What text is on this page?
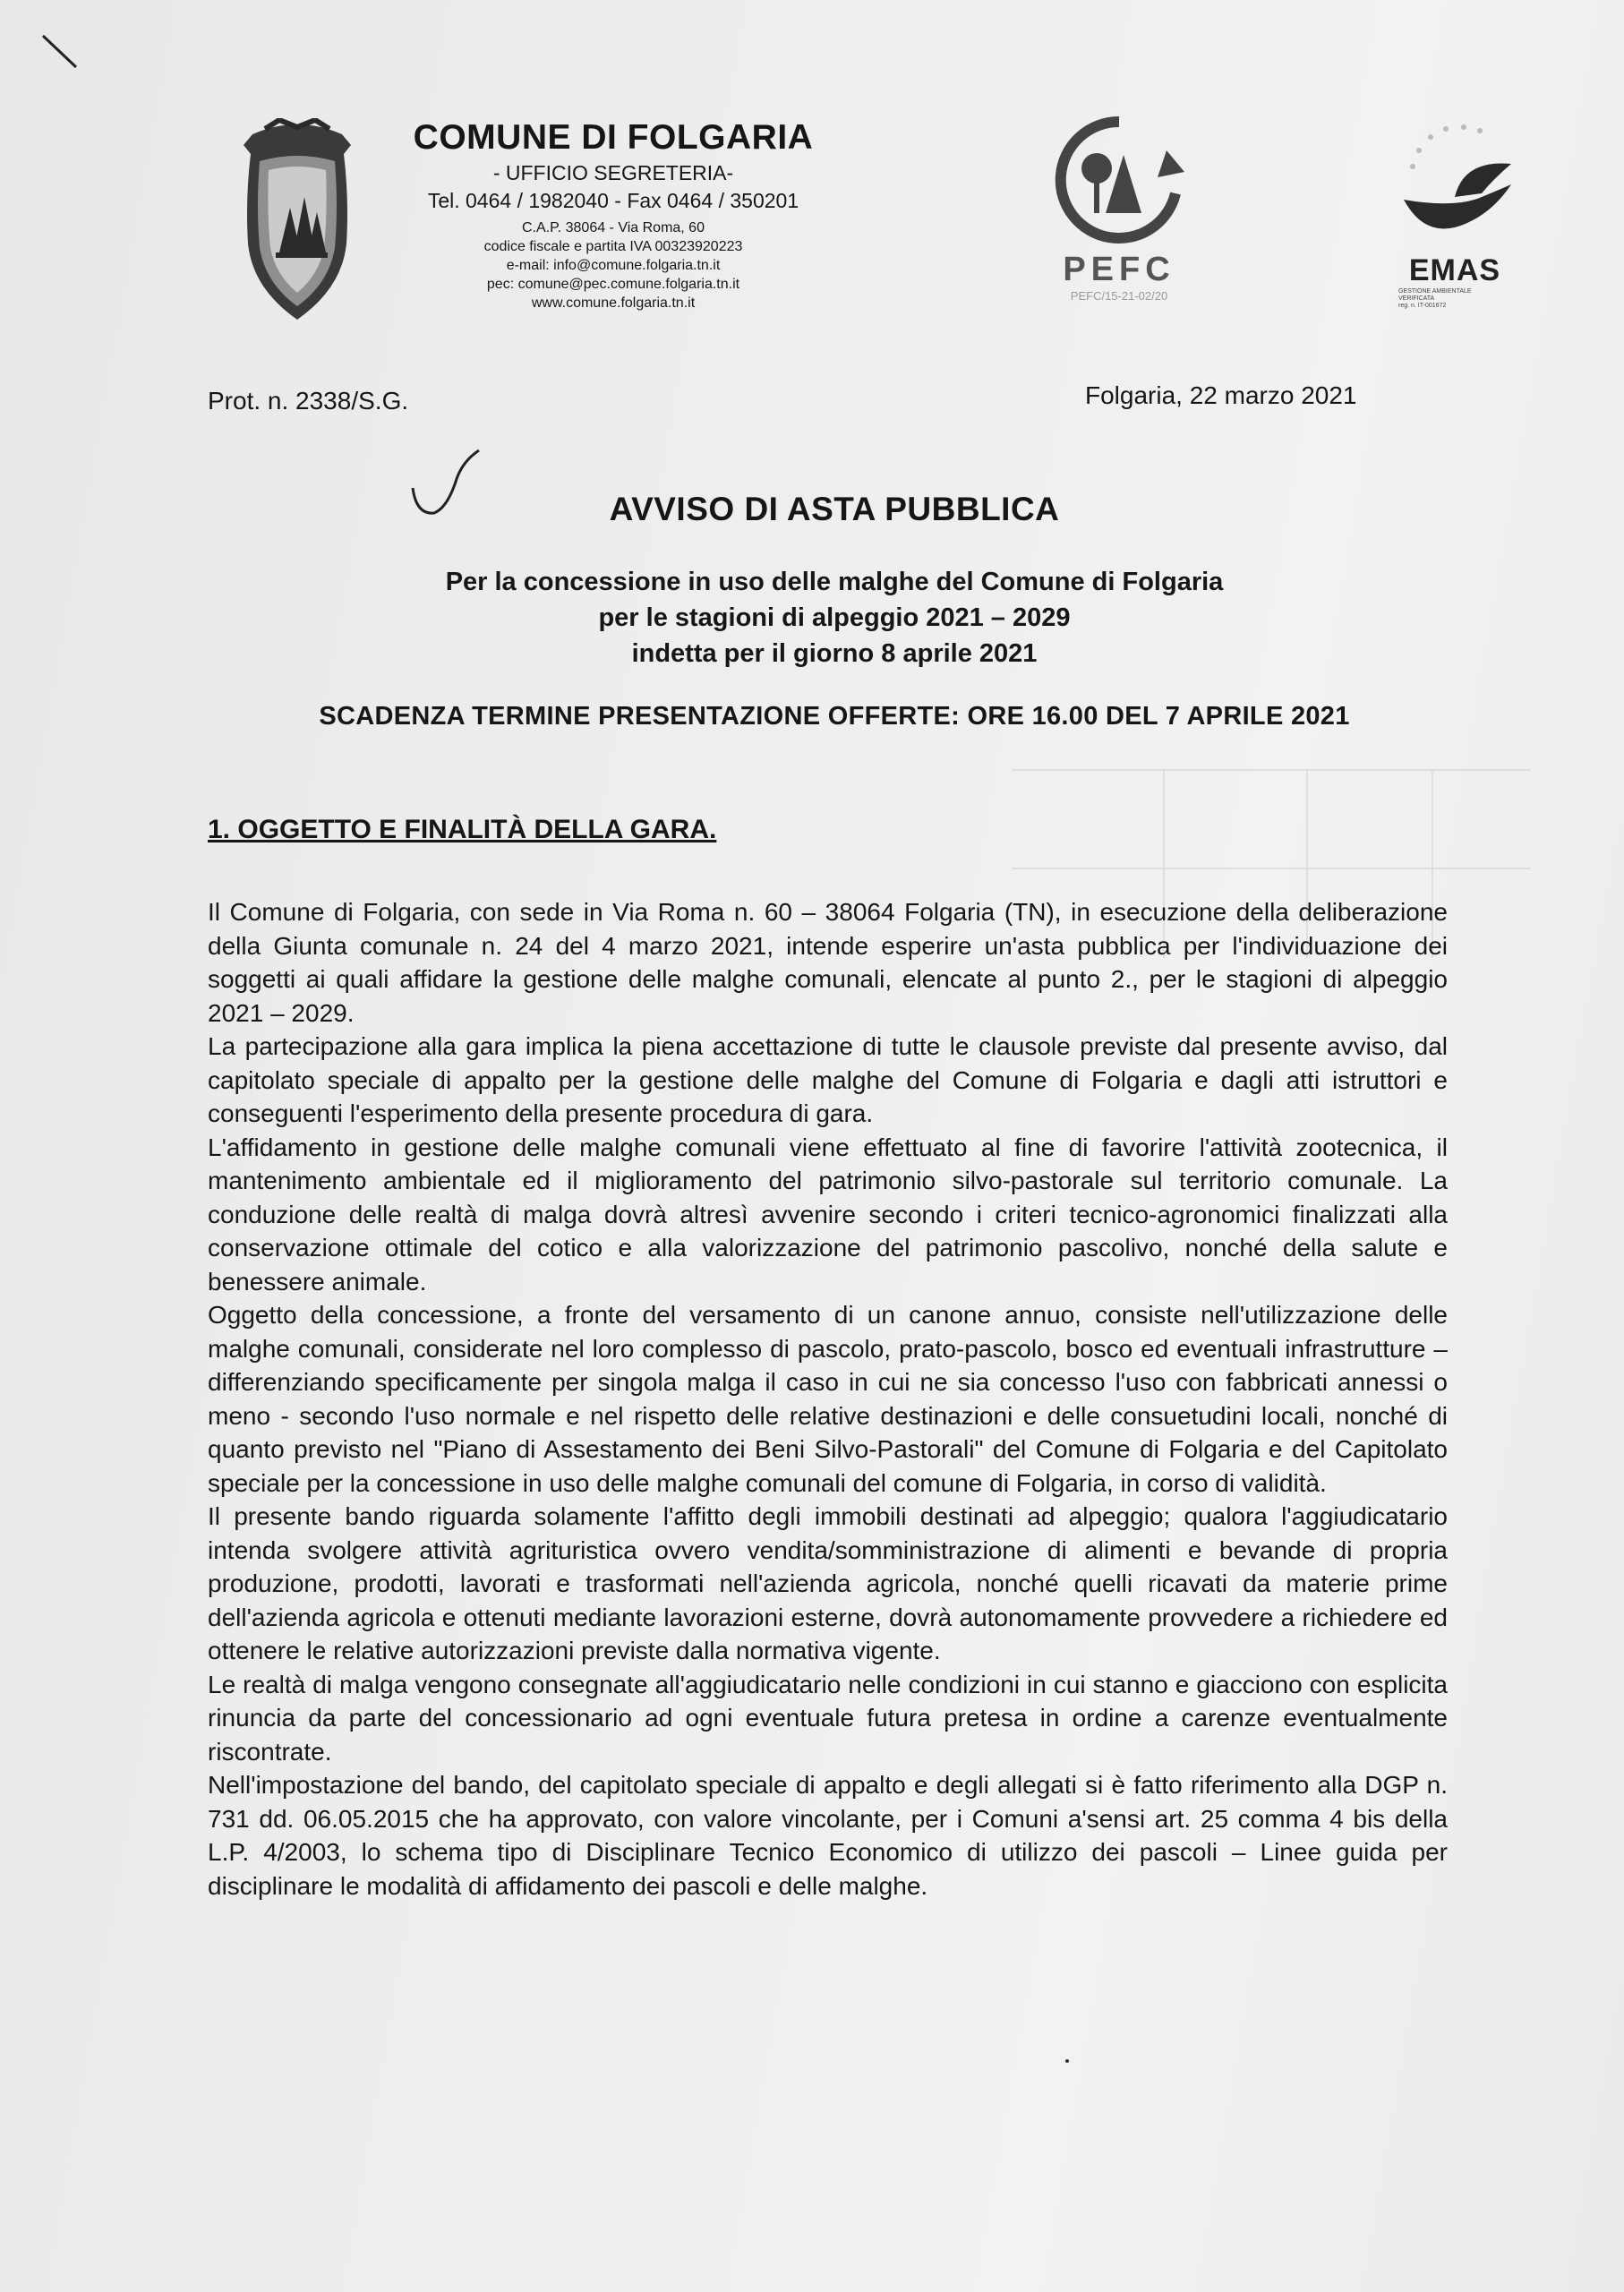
COMUNE DI FOLGARIA
- UFFICIO SEGRETERIA-
Tel. 0464 / 1982040 - Fax 0464 / 350201
C.A.P. 38064 - Via Roma, 60
codice fiscale e partita IVA 00323920223
e-mail: info@comune.folgaria.tn.it
pec: comune@pec.comune.folgaria.tn.it
www.comune.folgaria.tn.it
PEFC
PEFC/15-21-02/20
EMAS
GESTIONE AMBIENTALE
VERIFICATA
reg. n. IT-001672
Prot. n. 2338/S.G.	Folgaria, 22 marzo 2021
AVVISO DI ASTA PUBBLICA
Per la concessione in uso delle malghe del Comune di Folgaria
per le stagioni di alpeggio 2021 – 2029
indetta per il giorno 8 aprile 2021
SCADENZA TERMINE PRESENTAZIONE OFFERTE: ORE 16.00 DEL 7 APRILE 2021
1. OGGETTO E FINALITÀ DELLA GARA.

Il Comune di Folgaria, con sede in Via Roma n. 60 – 38064 Folgaria (TN), in esecuzione della deliberazione della Giunta comunale n. 24 del 4 marzo 2021, intende esperire un'asta pubblica per l'individuazione dei soggetti ai quali affidare la gestione delle malghe comunali, elencate al punto 2., per le stagioni di alpeggio 2021 – 2029.

La partecipazione alla gara implica la piena accettazione di tutte le clausole previste dal presente avviso, dal capitolato speciale di appalto per la gestione delle malghe del Comune di Folgaria e dagli atti istruttori e conseguenti l'esperimento della presente procedura di gara.

L'affidamento in gestione delle malghe comunali viene effettuato al fine di favorire l'attività zootecnica, il mantenimento ambientale ed il miglioramento del patrimonio silvo-pastorale sul territorio comunale. La conduzione delle realtà di malga dovrà altresì avvenire secondo i criteri tecnico-agronomici finalizzati alla conservazione ottimale del cotico e alla valorizzazione del patrimonio pascolivo, nonché della salute e benessere animale.

Oggetto della concessione, a fronte del versamento di un canone annuo, consiste nell'utilizzazione delle malghe comunali, considerate nel loro complesso di pascolo, prato-pascolo, bosco ed eventuali infrastrutture – differenziando specificamente per singola malga il caso in cui ne sia concesso l'uso con fabbricati annessi o meno - secondo l'uso normale e nel rispetto delle relative destinazioni e delle consuetudini locali, nonché di quanto previsto nel "Piano di Assestamento dei Beni Silvo-Pastorali" del Comune di Folgaria e del Capitolato speciale per la concessione in uso delle malghe comunali del comune di Folgaria, in corso di validità.

Il presente bando riguarda solamente l'affitto degli immobili destinati ad alpeggio; qualora l'aggiudicatario intenda svolgere attività agrituristica ovvero vendita/somministrazione di alimenti e bevande di propria produzione, prodotti, lavorati e trasformati nell'azienda agricola, nonché quelli ricavati da materie prime dell'azienda agricola e ottenuti mediante lavorazioni esterne, dovrà autonomamente provvedere a richiedere ed ottenere le relative autorizzazioni previste dalla normativa vigente.

Le realtà di malga vengono consegnate all'aggiudicatario nelle condizioni in cui stanno e giacciono con esplicita rinuncia da parte del concessionario ad ogni eventuale futura pretesa in ordine a carenze eventualmente riscontrate.

Nell'impostazione del bando, del capitolato speciale di appalto e degli allegati si è fatto riferimento alla DGP n. 731 dd. 06.05.2015 che ha approvato, con valore vincolante, per i Comuni a'sensi art. 25 comma 4 bis della L.P. 4/2003, lo schema tipo di Disciplinare Tecnico Economico di utilizzo dei pascoli – Linee guida per disciplinare le modalità di affidamento dei pascoli e delle malghe.
